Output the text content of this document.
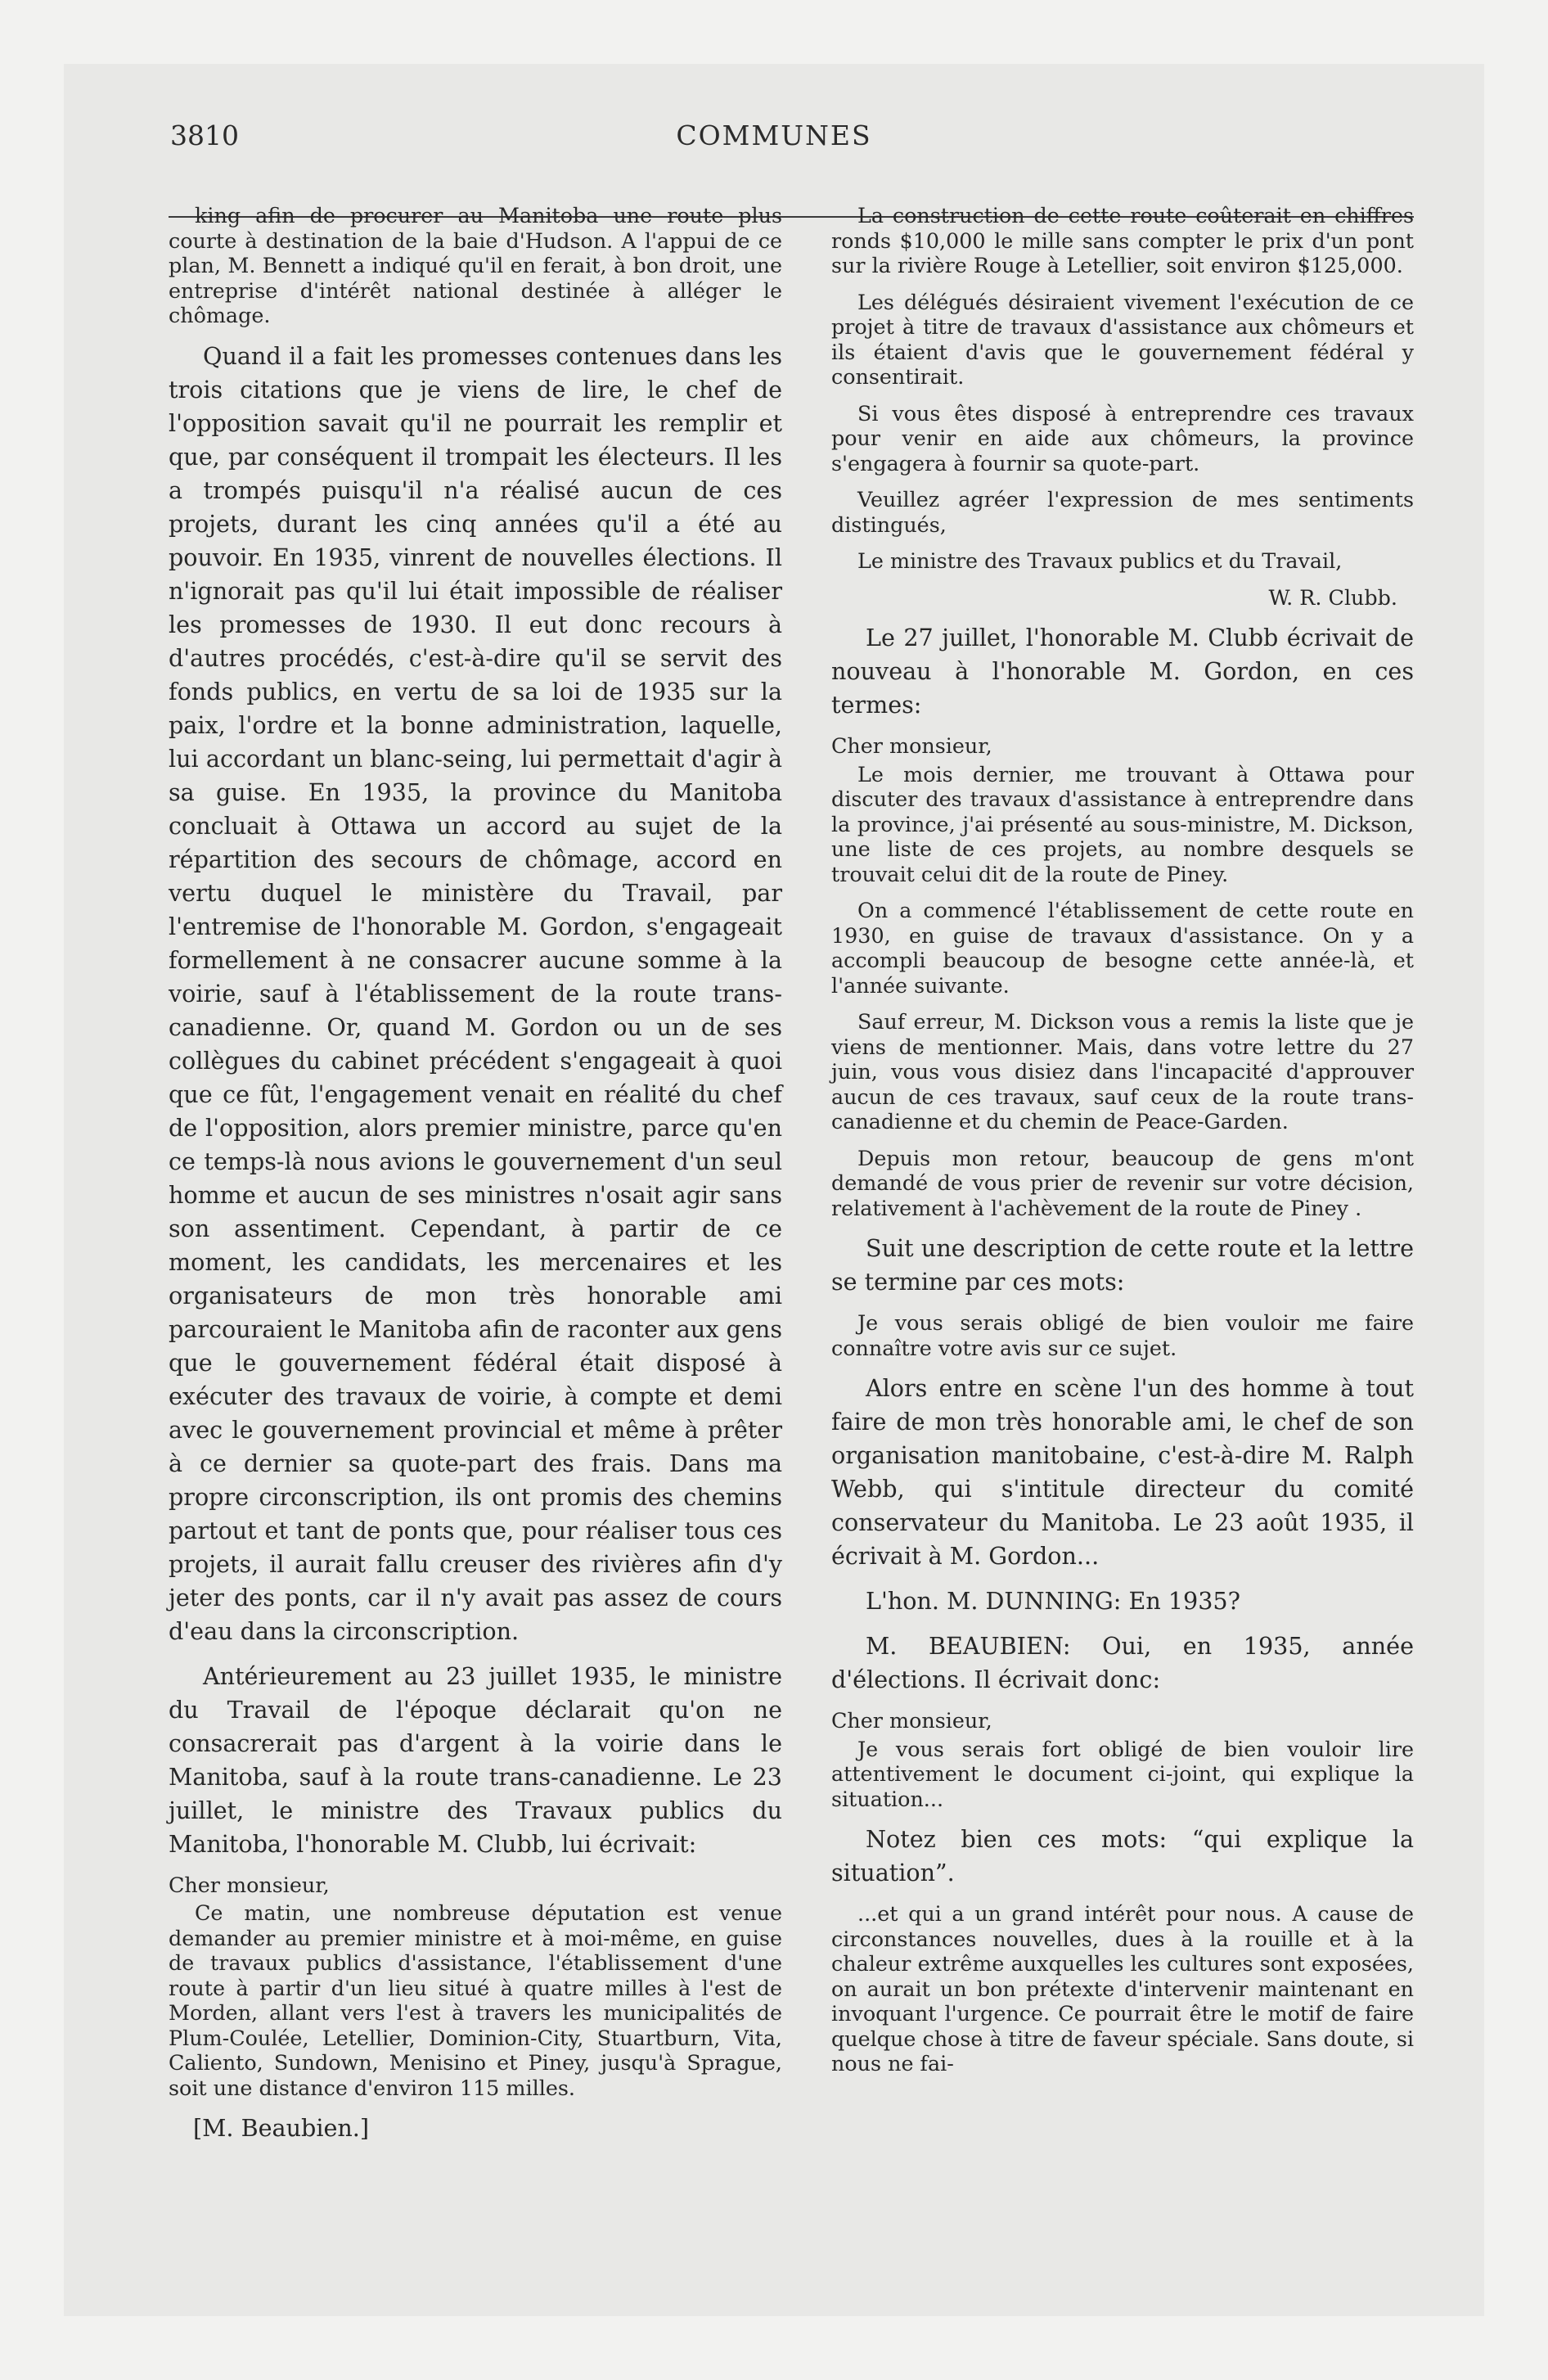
3810	COMMUNES

king afin de procurer au Manitoba une route plus courte à destination de la baie d'Hudson. A l'appui de ce plan, M. Bennett a indiqué qu'il en ferait, à bon droit, une entreprise d'intérêt national destinée à alléger le chômage.

Quand il a fait les promesses contenues dans les trois citations que je viens de lire, le chef de l'opposition savait qu'il ne pourrait les remplir et que, par conséquent il trompait les électeurs. Il les a trompés puisqu'il n'a réalisé aucun de ces projets, durant les cinq années qu'il a été au pouvoir. En 1935, vinrent de nouvelles élections. Il n'ignorait pas qu'il lui était impossible de réaliser les promesses de 1930. Il eut donc recours à d'autres procédés, c'est-à-dire qu'il se servit des fonds publics, en vertu de sa loi de 1935 sur la paix, l'ordre et la bonne administration, laquelle, lui accordant un blanc-seing, lui permettait d'agir à sa guise. En 1935, la province du Manitoba concluait à Ottawa un accord au sujet de la répartition des secours de chômage, accord en vertu duquel le ministère du Travail, par l'entremise de l'honorable M. Gordon, s'engageait formellement à ne consacrer aucune somme à la voirie, sauf à l'établissement de la route trans-canadienne. Or, quand M. Gordon ou un de ses collègues du cabinet précédent s'engageait à quoi que ce fût, l'engagement venait en réalité du chef de l'opposition, alors premier ministre, parce qu'en ce temps-là nous avions le gouvernement d'un seul homme et aucun de ses ministres n'osait agir sans son assentiment. Cependant, à partir de ce moment, les candidats, les mercenaires et les organisateurs de mon très honorable ami parcouraient le Manitoba afin de raconter aux gens que le gouvernement fédéral était disposé à exécuter des travaux de voirie, à compte et demi avec le gouvernement provincial et même à prêter à ce dernier sa quote-part des frais. Dans ma propre circonscription, ils ont promis des chemins partout et tant de ponts que, pour réaliser tous ces projets, il aurait fallu creuser des rivières afin d'y jeter des ponts, car il n'y avait pas assez de cours d'eau dans la circonscription.

Antérieurement au 23 juillet 1935, le ministre du Travail de l'époque déclarait qu'on ne consacrerait pas d'argent à la voirie dans le Manitoba, sauf à la route trans-canadienne. Le 23 juillet, le ministre des Travaux publics du Manitoba, l'honorable M. Clubb, lui écrivait:

Cher monsieur,

Ce matin, une nombreuse députation est venue demander au premier ministre et à moi-même, en guise de travaux publics d'assistance, l'établissement d'une route à partir d'un lieu situé à quatre milles à l'est de Morden, allant vers l'est à travers les municipalités de Plum-Coulée, Letellier, Dominion-City, Stuartburn, Vita, Caliento, Sundown, Menisino et Piney, jusqu'à Sprague, soit une distance d'environ 115 milles.

[M. Beaubien.]

La construction de cette route coûterait en chiffres ronds $10,000 le mille sans compter le prix d'un pont sur la rivière Rouge à Letellier, soit environ $125,000.

Les délégués désiraient vivement l'exécution de ce projet à titre de travaux d'assistance aux chômeurs et ils étaient d'avis que le gouvernement fédéral y consentirait.

Si vous êtes disposé à entreprendre ces travaux pour venir en aide aux chômeurs, la province s'engagera à fournir sa quote-part.

Veuillez agréer l'expression de mes sentiments distingués,

Le ministre des Travaux publics et du Travail,

W. R. Clubb.

Le 27 juillet, l'honorable M. Clubb écrivait de nouveau à l'honorable M. Gordon, en ces termes:

Cher monsieur,

Le mois dernier, me trouvant à Ottawa pour discuter des travaux d'assistance à entreprendre dans la province, j'ai présenté au sous-ministre, M. Dickson, une liste de ces projets, au nombre desquels se trouvait celui dit de la route de Piney.

On a commencé l'établissement de cette route en 1930, en guise de travaux d'assistance. On y a accompli beaucoup de besogne cette année-là, et l'année suivante.

Sauf erreur, M. Dickson vous a remis la liste que je viens de mentionner. Mais, dans votre lettre du 27 juin, vous vous disiez dans l'incapacité d'approuver aucun de ces travaux, sauf ceux de la route trans-canadienne et du chemin de Peace-Garden.

Depuis mon retour, beaucoup de gens m'ont demandé de vous prier de revenir sur votre décision, relativement à l'achèvement de la route de Piney .

Suit une description de cette route et la lettre se termine par ces mots:

Je vous serais obligé de bien vouloir me faire connaître votre avis sur ce sujet.

Alors entre en scène l'un des homme à tout faire de mon très honorable ami, le chef de son organisation manitobaine, c'est-à-dire M. Ralph Webb, qui s'intitule directeur du comité conservateur du Manitoba. Le 23 août 1935, il écrivait à M. Gordon...

L'hon. M. DUNNING: En 1935?

M. BEAUBIEN: Oui, en 1935, année d'élections. Il écrivait donc:

Cher monsieur,

Je vous serais fort obligé de bien vouloir lire attentivement le document ci-joint, qui explique la situation...

Notez bien ces mots: “qui explique la situation”.

...et qui a un grand intérêt pour nous. A cause de circonstances nouvelles, dues à la rouille et à la chaleur extrême auxquelles les cultures sont exposées, on aurait un bon prétexte d'intervenir maintenant en invoquant l'urgence. Ce pourrait être le motif de faire quelque chose à titre de faveur spéciale. Sans doute, si nous ne fai-
